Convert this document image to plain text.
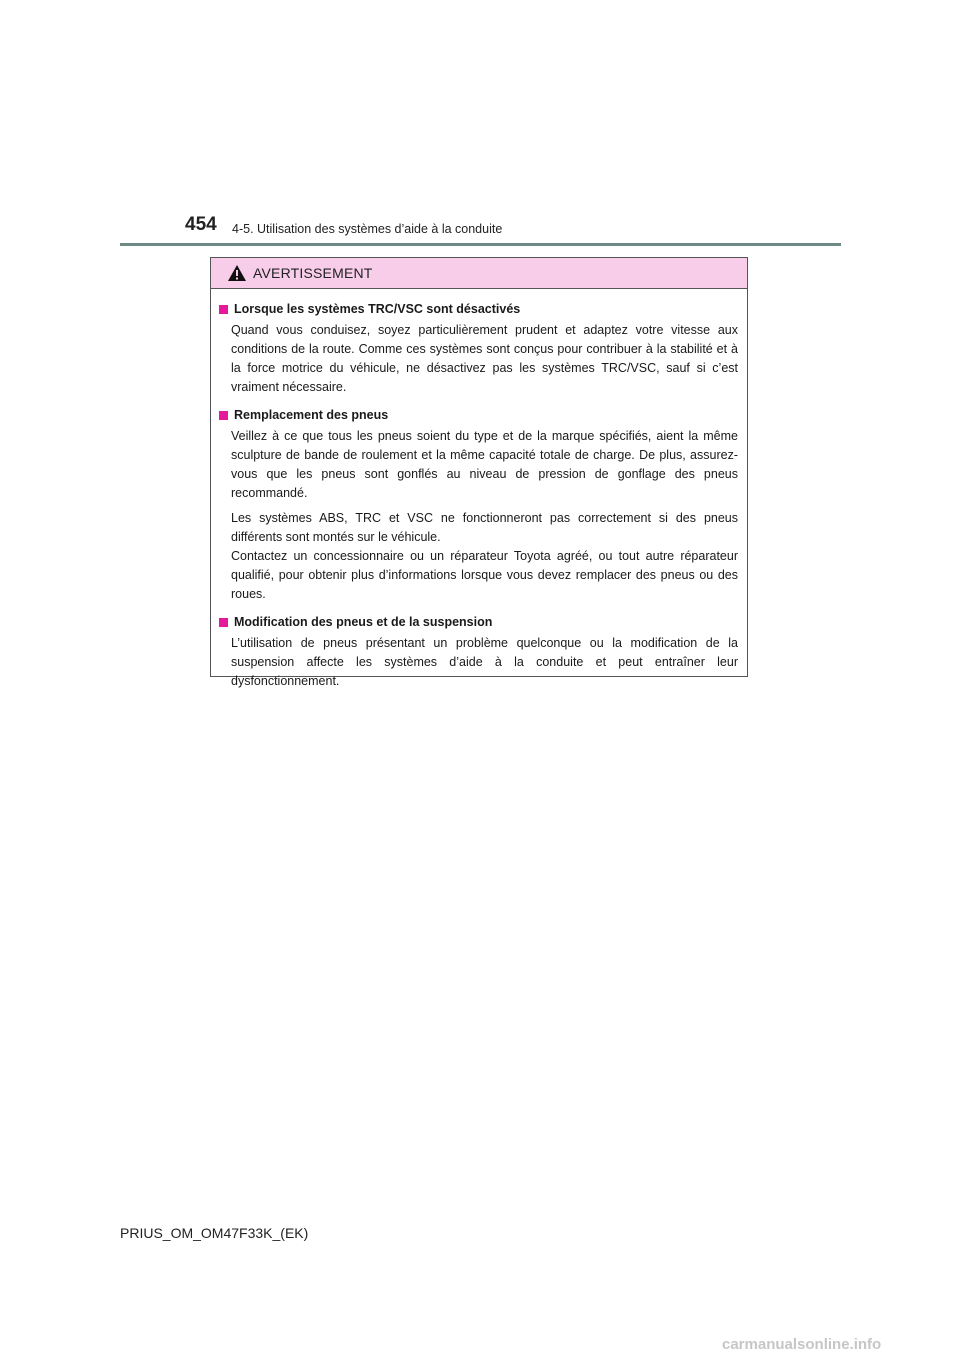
454 4-5. Utilisation des systèmes d’aide à la conduite
AVERTISSEMENT
Lorsque les systèmes TRC/VSC sont désactivés
Quand vous conduisez, soyez particulièrement prudent et adaptez votre vitesse aux conditions de la route. Comme ces systèmes sont conçus pour contribuer à la stabilité et à la force motrice du véhicule, ne désactivez pas les systèmes TRC/VSC, sauf si c’est vraiment nécessaire.
Remplacement des pneus
Veillez à ce que tous les pneus soient du type et de la marque spécifiés, aient la même sculpture de bande de roulement et la même capacité totale de charge. De plus, assurez-vous que les pneus sont gonflés au niveau de pression de gonflage des pneus recommandé.
Les systèmes ABS, TRC et VSC ne fonctionneront pas correctement si des pneus différents sont montés sur le véhicule.
Contactez un concessionnaire ou un réparateur Toyota agréé, ou tout autre réparateur qualifié, pour obtenir plus d’informations lorsque vous devez remplacer des pneus ou des roues.
Modification des pneus et de la suspension
L’utilisation de pneus présentant un problème quelconque ou la modification de la suspension affecte les systèmes d’aide à la conduite et peut entraîner leur dysfonctionnement.
PRIUS_OM_OM47F33K_(EK)
carmanualsonline.info
